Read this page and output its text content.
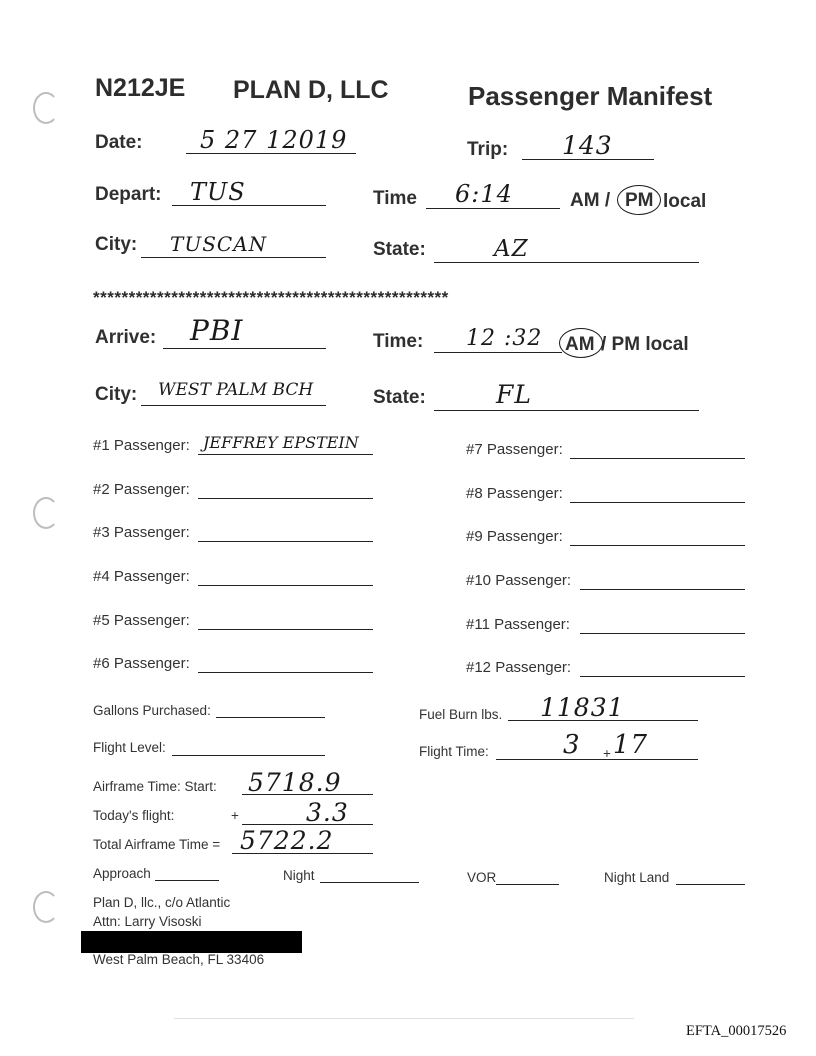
N212JE PLAN D, LLC	Passenger Manifest
Date: 5 27 12019	Trip: 143
Depart: TUS	Time 6:14	AM / PM local
City: TUSCAN	State:	AZ
**************************************************
Arrive: PBI	Time: 12 :32 AM / PM local
City: WEST PALM BCH	State:	FL
#1 Passenger: JEFFREY EPSTEIN
#2 Passenger:
#3 Passenger:
#4 Passenger:
#5 Passenger:
#6 Passenger:
#7 Passenger:
#8 Passenger:
#9 Passenger:
#10 Passenger:
#11 Passenger:
#12 Passenger:
Gallons Purchased:	Fuel Burn lbs. 11831
Flight Level:	Flight Time:	3 + 17
Airframe Time: Start: 5718.9
Today's flight:	+	3.3
Total Airframe Time = 5722.2
Approach	Night	VOR	Night Land
Plan D, llc., c/o Atlantic
Attn: Larry Visoski
West Palm Beach, FL 33406
EFTA_00017526
